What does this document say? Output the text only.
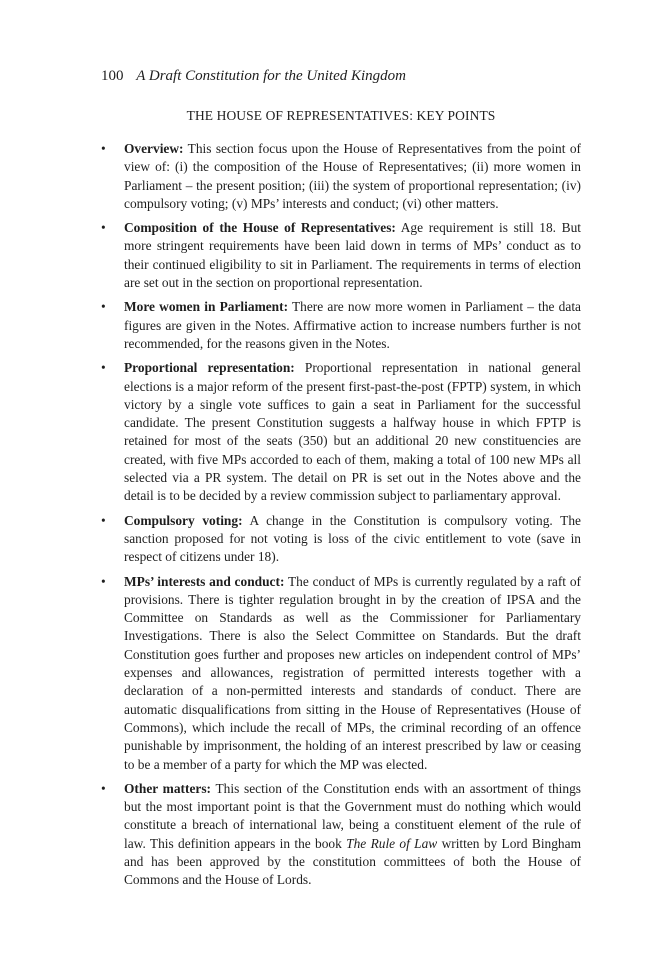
100 A Draft Constitution for the United Kingdom
THE HOUSE OF REPRESENTATIVES: KEY POINTS
• Overview: This section focus upon the House of Representatives from the point of view of: (i) the composition of the House of Representatives; (ii) more women in Parliament – the present position; (iii) the system of proportional representation; (iv) compulsory voting; (v) MPs’ interests and conduct; (vi) other matters.
• Composition of the House of Representatives: Age requirement is still 18. But more stringent requirements have been laid down in terms of MPs’ conduct as to their continued eligibility to sit in Parliament. The requirements in terms of election are set out in the section on proportional representation.
• More women in Parliament: There are now more women in Parliament – the data figures are given in the Notes. Affirmative action to increase numbers further is not recommended, for the reasons given in the Notes.
• Proportional representation: Proportional representation in national general elections is a major reform of the present first-past-the-post (FPTP) system, in which victory by a single vote suffices to gain a seat in Parliament for the successful candidate. The present Constitution suggests a halfway house in which FPTP is retained for most of the seats (350) but an additional 20 new constituencies are created, with five MPs accorded to each of them, making a total of 100 new MPs all selected via a PR system. The detail on PR is set out in the Notes above and the detail is to be decided by a review commission subject to parliamentary approval.
• Compulsory voting: A change in the Constitution is compulsory voting. The sanction proposed for not voting is loss of the civic entitlement to vote (save in respect of citizens under 18).
• MPs’ interests and conduct: The conduct of MPs is currently regulated by a raft of provisions. There is tighter regulation brought in by the creation of IPSA and the Committee on Standards as well as the Commissioner for Parliamentary Investigations. There is also the Select Committee on Standards. But the draft Constitution goes further and proposes new articles on independent control of MPs’ expenses and allowances, registration of permitted interests together with a declaration of a non-permitted interests and standards of conduct. There are automatic disqualifications from sitting in the House of Representatives (House of Commons), which include the recall of MPs, the criminal recording of an offence punishable by imprisonment, the holding of an interest prescribed by law or ceasing to be a member of a party for which the MP was elected.
• Other matters: This section of the Constitution ends with an assortment of things but the most important point is that the Government must do nothing which would constitute a breach of international law, being a constituent element of the rule of law. This definition appears in the book The Rule of Law written by Lord Bingham and has been approved by the constitution committees of both the House of Commons and the House of Lords.
